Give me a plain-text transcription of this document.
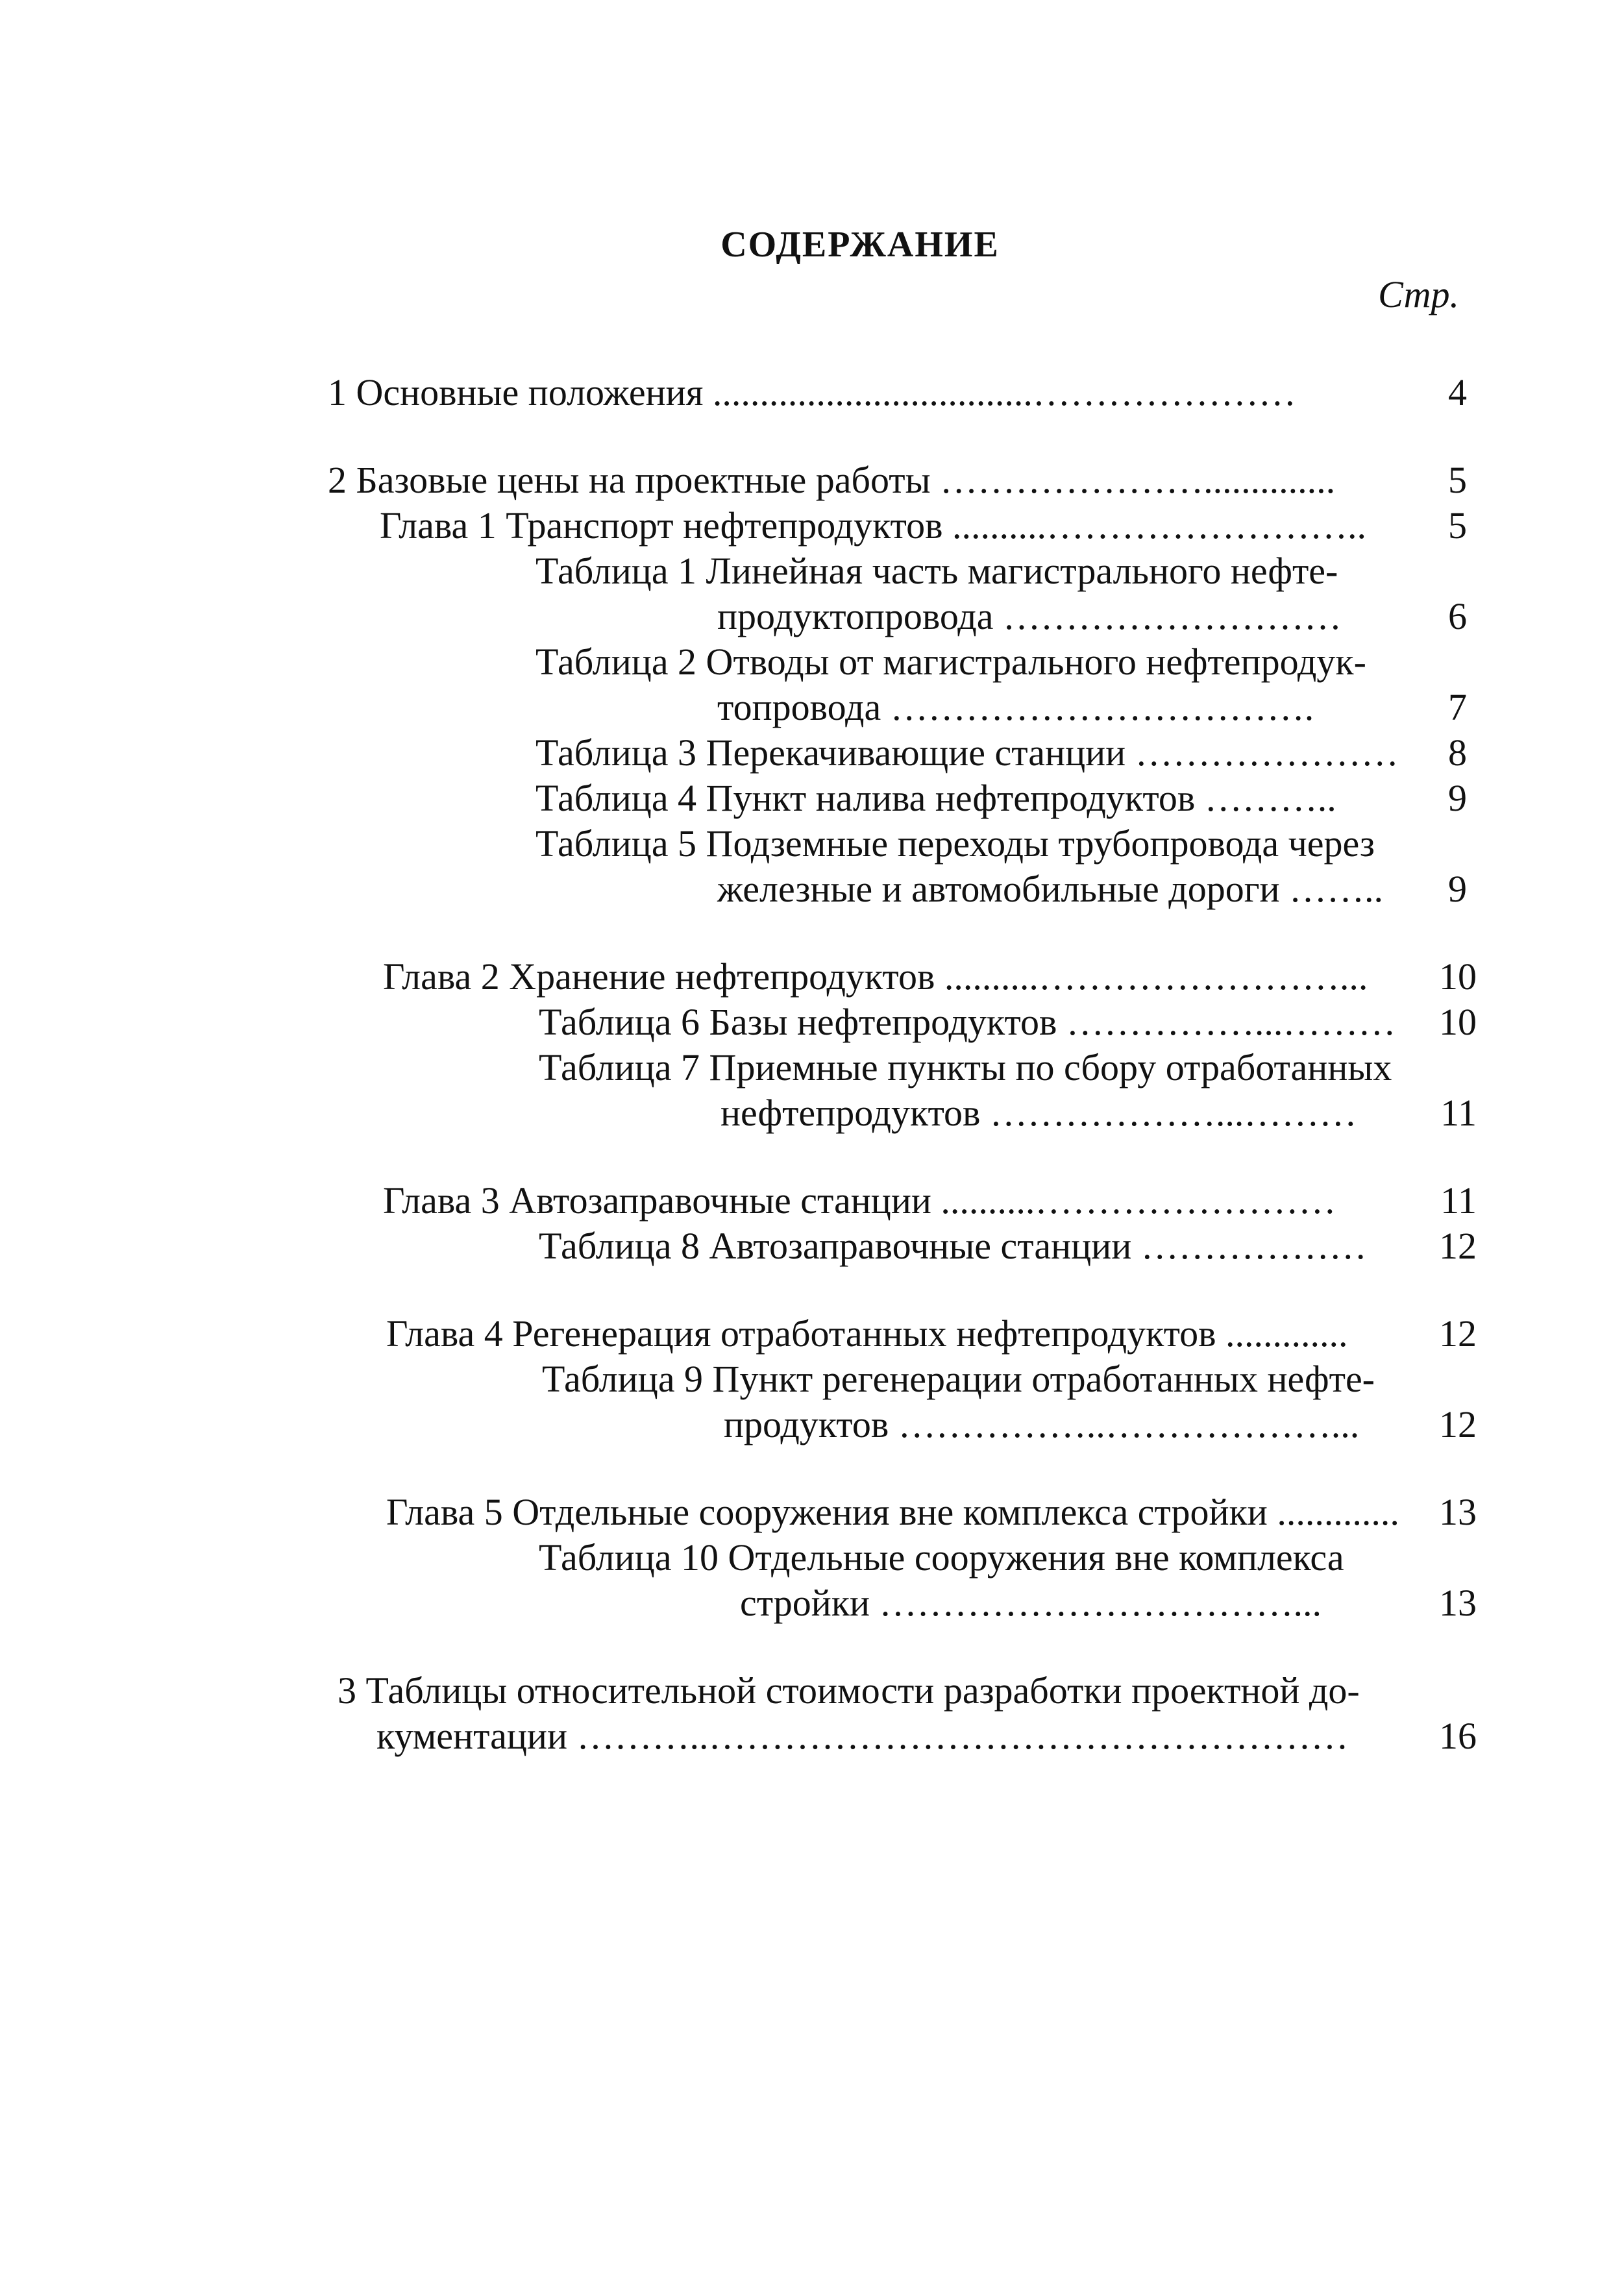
СОДЕРЖАНИЕ
Стр.
1 Основные положения ..................................…………………	4
2 Базовые цены на проектные работы …………………..............	5
Глава 1 Транспорт нефтепродуктов ..........……………………..	5
Таблица 1 Линейная часть магистрального нефте-
продуктопровода ………………………	6
Таблица 2 Отводы от магистрального нефтепродук-
топровода …………………………….	7
Таблица 3 Перекачивающие станции …………………	8
Таблица 4 Пункт налива нефтепродуктов ………..	9
Таблица 5 Подземные переходы трубопровода через
железные и автомобильные дороги ……..	9
Глава 2 Хранение нефтепродуктов ..........……………………...	10
Таблица 6 Базы нефтепродуктов ……………...………	10
Таблица 7 Приемные пункты по сбору отработанных
нефтепродуктов ………………...………	11
Глава 3 Автозаправочные станции ..........……………………	11
Таблица 8 Автозаправочные станции ………………	12
Глава 4 Регенерация отработанных нефтепродуктов .............	12
Таблица 9 Пункт регенерации отработанных нефте-
продуктов ……………..………………...	12
Глава 5 Отдельные сооружения вне комплекса стройки .............	13
Таблица 10 Отдельные сооружения вне комплекса
стройки ……………………………...	13
3 Таблицы относительной стоимости разработки проектной до-
кументации ………..……………………………………………	16
